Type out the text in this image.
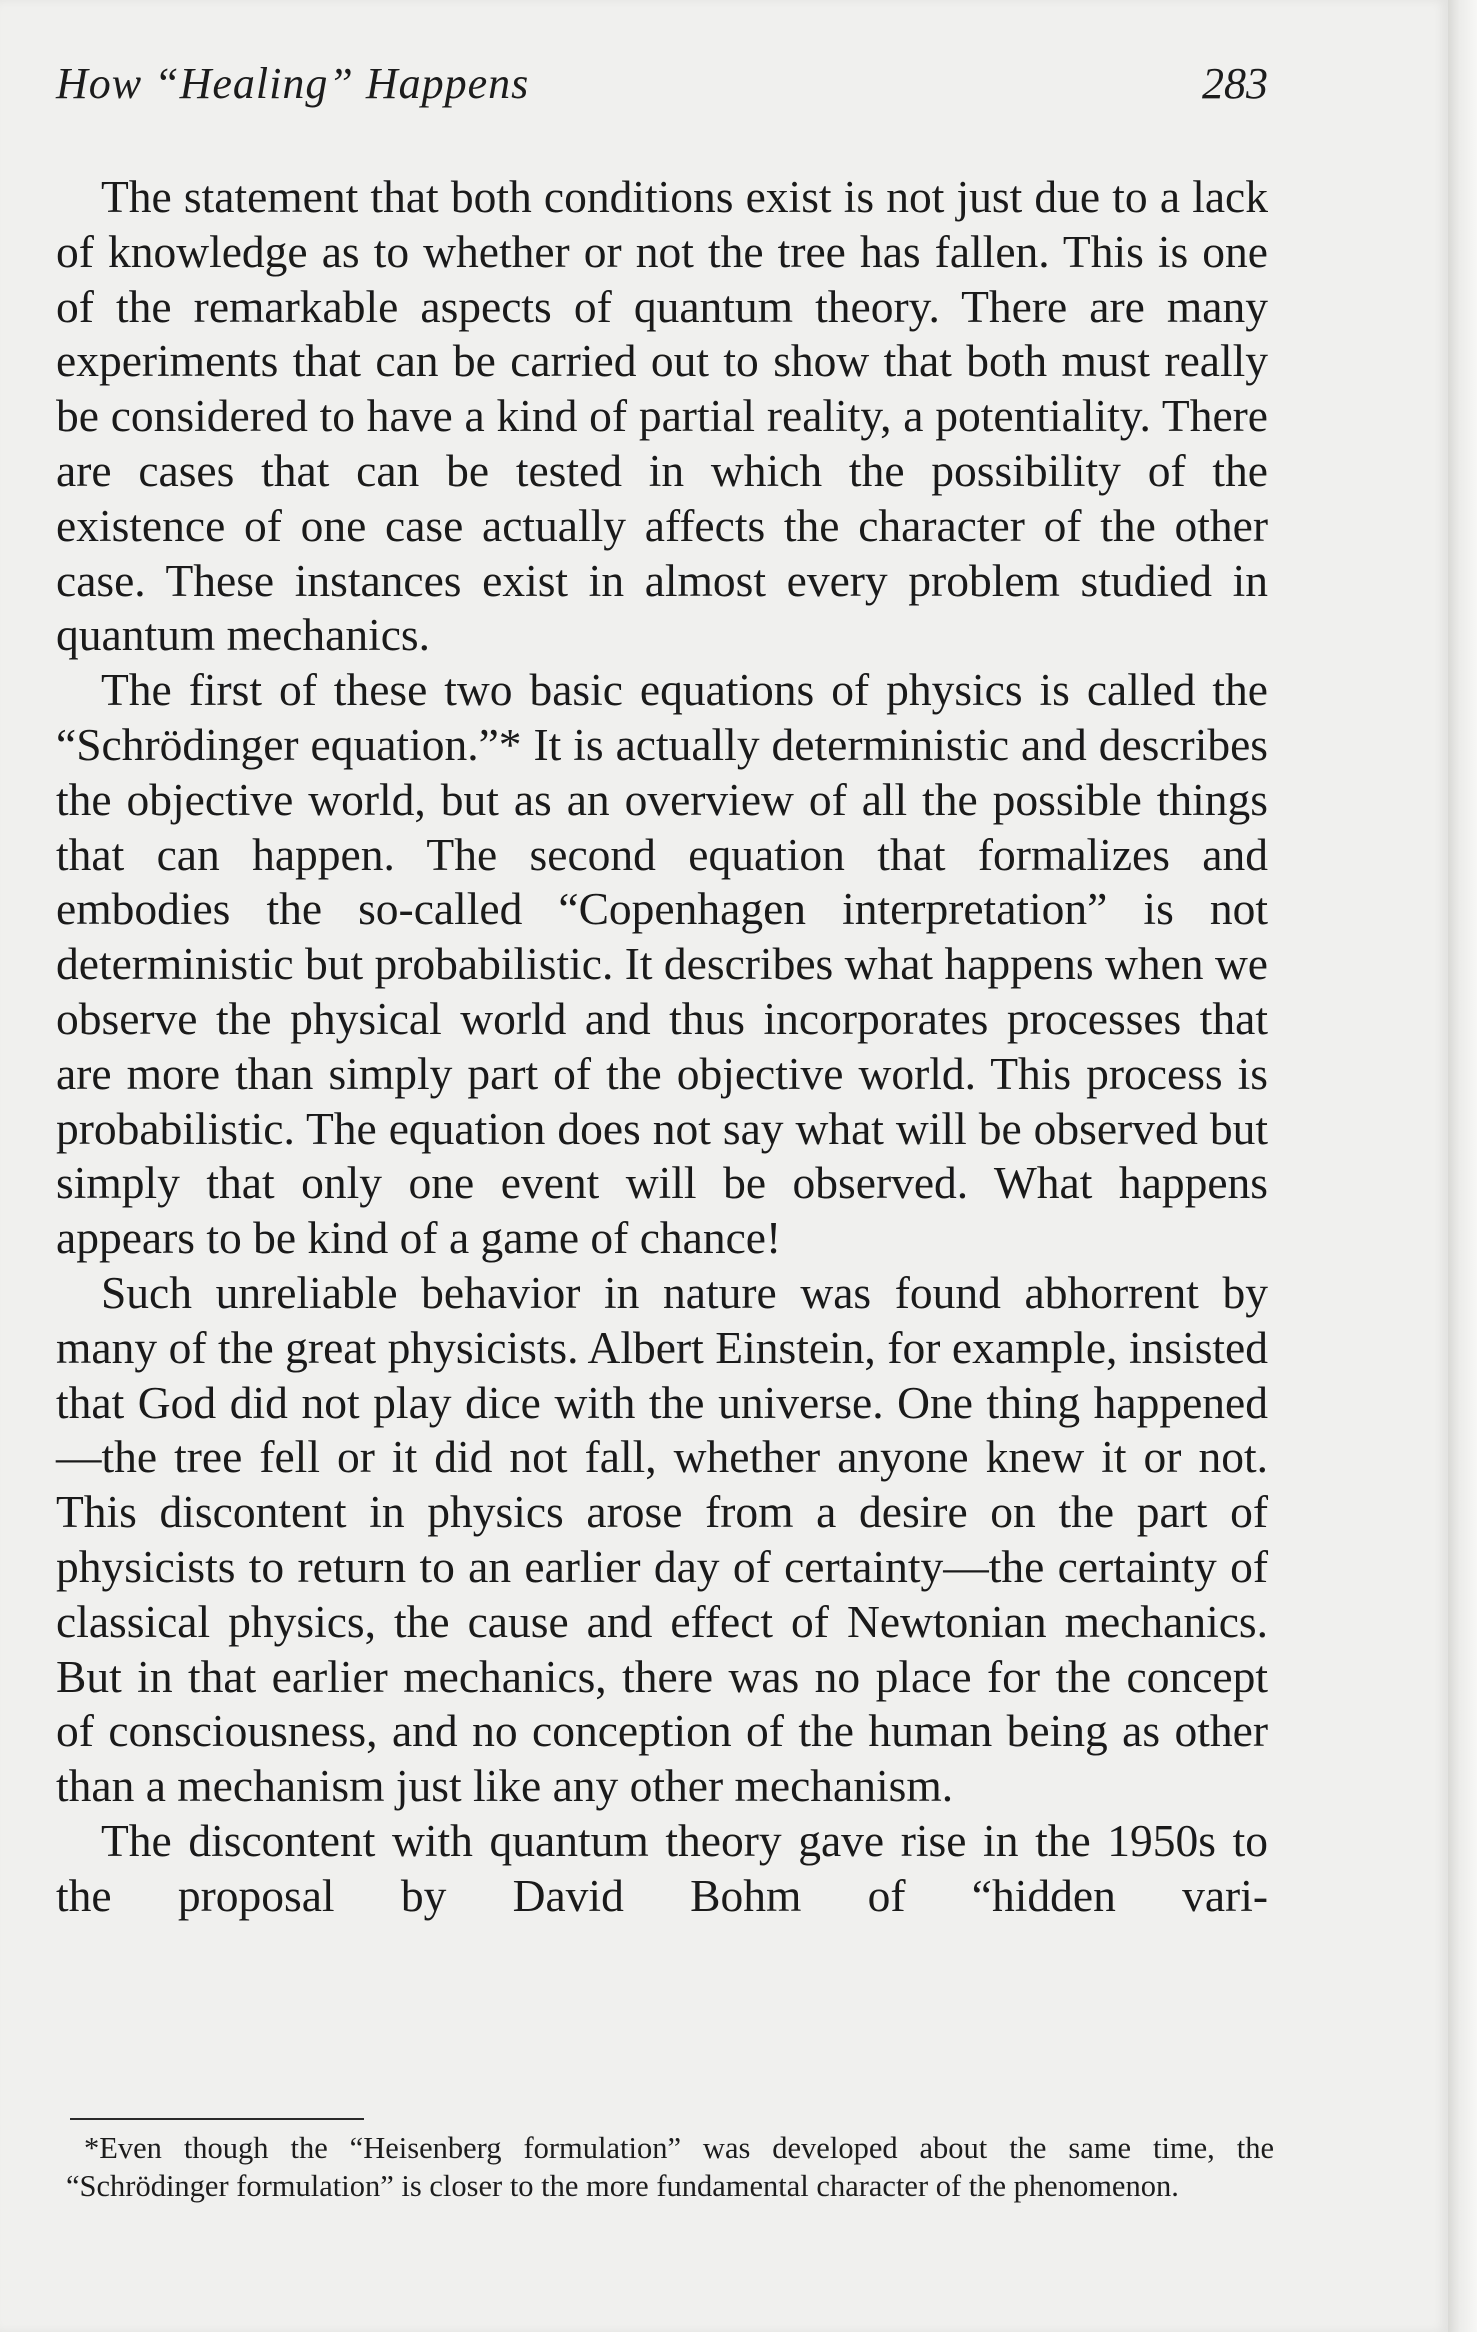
How “Healing” Happens	283

The statement that both conditions exist is not just due to a lack of knowledge as to whether or not the tree has fallen. This is one of the remarkable aspects of quantum theory. There are many experiments that can be carried out to show that both must really be considered to have a kind of partial reality, a potentiality. There are cases that can be tested in which the possibility of the existence of one case actually affects the character of the other case. These instances exist in almost every problem studied in quantum mechanics.

The first of these two basic equations of physics is called the “Schrödinger equation.”* It is actually deterministic and describes the objective world, but as an overview of all the possible things that can happen. The second equation that formalizes and embodies the so-called “Copenhagen interpretation” is not deterministic but probabilistic. It describes what happens when we observe the physical world and thus incorporates processes that are more than simply part of the objective world. This process is probabilistic. The equation does not say what will be observed but simply that only one event will be observed. What happens appears to be kind of a game of chance!

Such unreliable behavior in nature was found abhorrent by many of the great physicists. Albert Einstein, for example, insisted that God did not play dice with the universe. One thing happened—the tree fell or it did not fall, whether anyone knew it or not. This discontent in physics arose from a desire on the part of physicists to return to an earlier day of certainty—the certainty of classical physics, the cause and effect of Newtonian mechanics. But in that earlier mechanics, there was no place for the concept of consciousness, and no conception of the human being as other than a mechanism just like any other mechanism.

The discontent with quantum theory gave rise in the 1950s to the proposal by David Bohm of “hidden vari-

*Even though the “Heisenberg formulation” was developed about the same time, the “Schrödinger formulation” is closer to the more fundamental character of the phenomenon.
